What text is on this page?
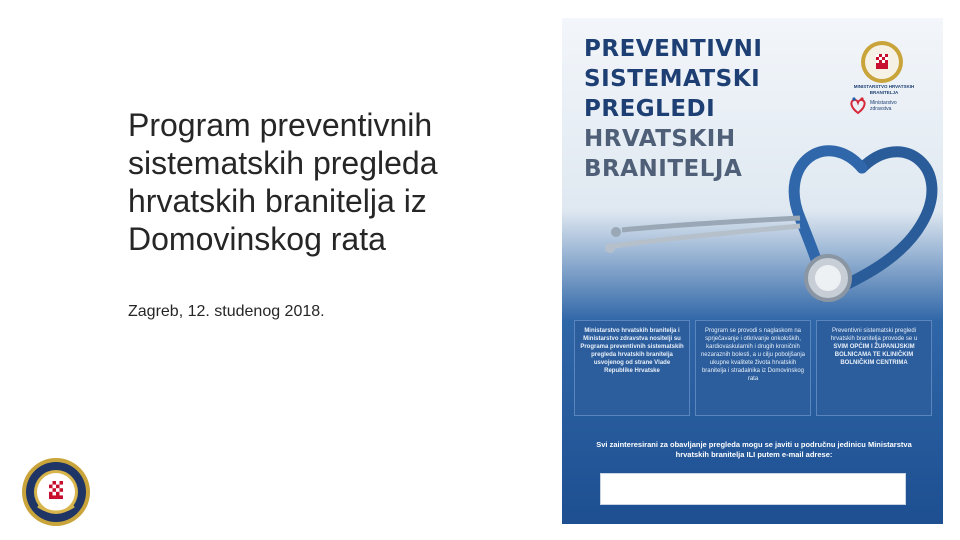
Program preventivnih
sistematskih pregleda
hrvatskih branitelja iz
Domovinskog rata
Zagreb, 12. studenog 2018.
PREVENTIVNI
SISTEMATSKI
PREGLEDI
HRVATSKIH
BRANITELJA
MINISTARSTVO HRVATSKIH BRANITELJA
Ministarstvo zdravstva
Ministarstvo hrvatskih branitelja i Ministarstvo zdravstva nositelji su Programa preventivnih sistematskih pregleda hrvatskih branitelja usvojenog od strane Vlade Republike Hrvatske
Program se provodi s naglaskom na sprječavanje i otkrivanje onkoloških, kardiovaskularnih i drugih kroničnih nezaraznih bolesti, a u cilju poboljšanja ukupne kvalitete života hrvatskih branitelja i stradalnika iz Domovinskog rata
Preventivni sistematski pregledi hrvatskih branitelja provode se u
SVIM OPĆIM I ŽUPANIJSKIM BOLNICAMA TE KLINIČKIM BOLNIČKIM CENTRIMA
Svi zainteresirani za obavljanje pregleda mogu se javiti u područnu jedinicu Ministarstva hrvatskih branitelja ILI putem e-mail adrese:
